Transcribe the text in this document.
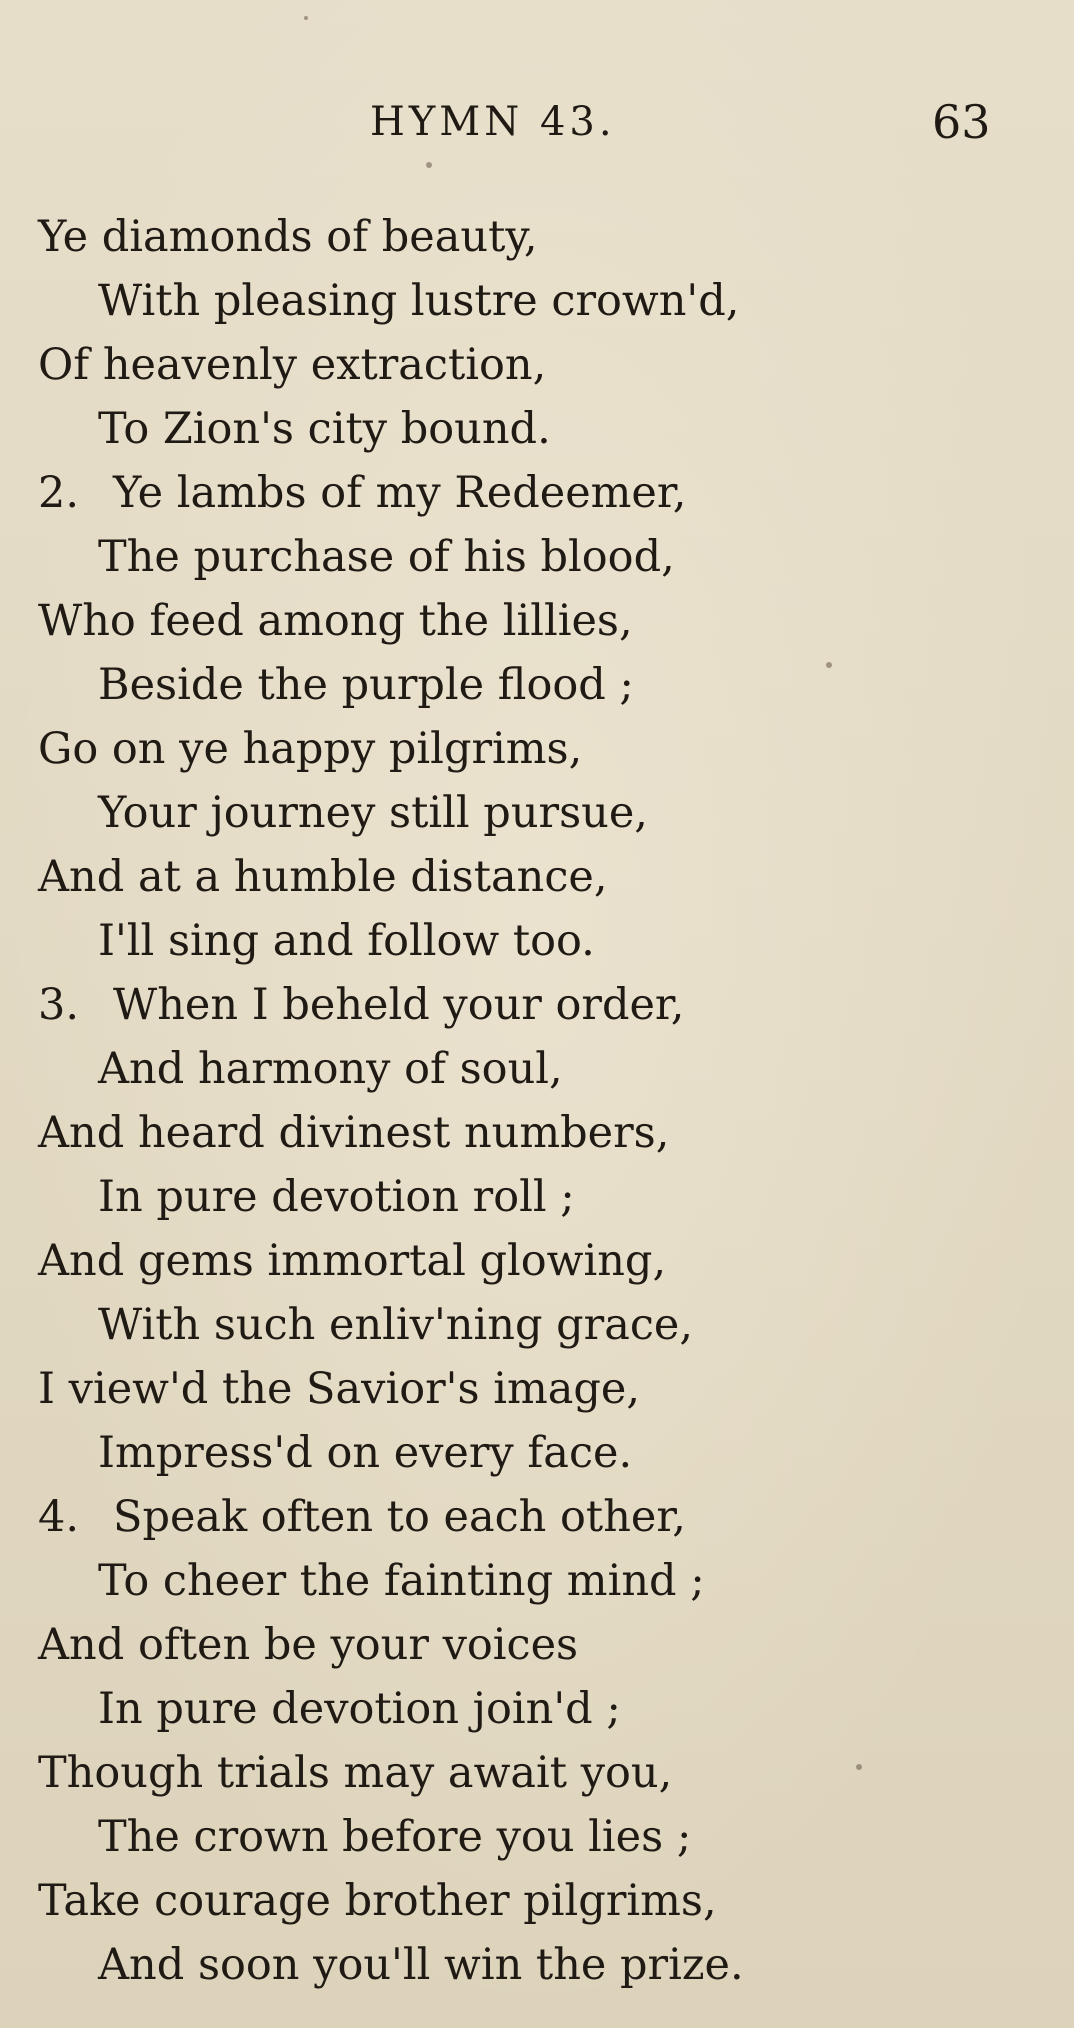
HYMN 43.	63
Ye diamonds of beauty,
With pleasing lustre crown'd,
Of heavenly extraction,
To Zion's city bound.
2. Ye lambs of my Redeemer,
The purchase of his blood,
Who feed among the lillies,
Beside the purple flood ;
Go on ye happy pilgrims,
Your journey still pursue,
And at a humble distance,
I'll sing and follow too.
3. When I beheld your order,
And harmony of soul,
And heard divinest numbers,
In pure devotion roll ;
And gems immortal glowing,
With such enliv'ning grace,
I view'd the Savior's image,
Impress'd on every face.
4. Speak often to each other,
To cheer the fainting mind ;
And often be your voices
In pure devotion join'd ;
Though trials may await you,
The crown before you lies ;
Take courage brother pilgrims,
And soon you'll win the prize.
